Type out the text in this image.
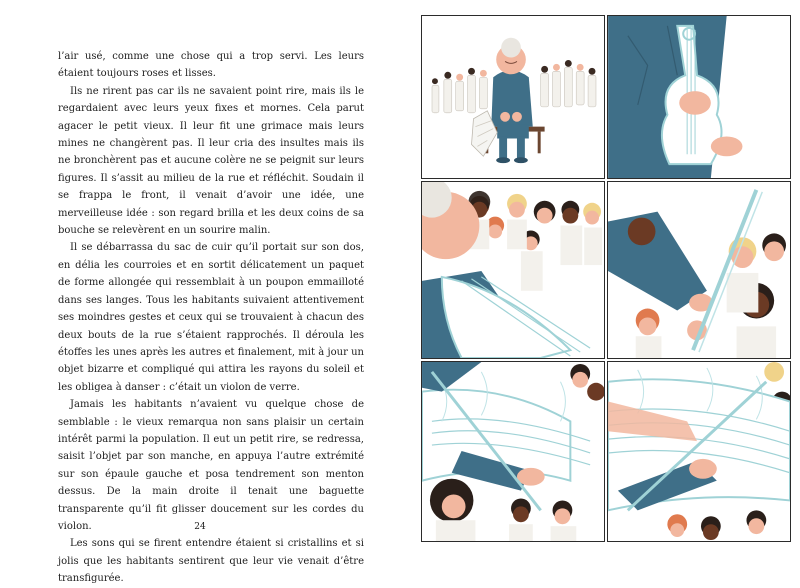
l’air usé, comme une chose qui a trop servi. Les leurs étaient toujours roses et lisses.

Ils ne rirent pas car ils ne savaient point rire, mais ils le regardaient avec leurs yeux fixes et mornes. Cela parut agacer le petit vieux. Il leur fit une grimace mais leurs mines ne changèrent pas. Il leur cria des insultes mais ils ne bronchèrent pas et aucune colère ne se peignit sur leurs figures. Il s’assit au milieu de la rue et réfléchit. Soudain il se frappa le front, il venait d’avoir une idée, une merveilleuse idée : son regard brilla et les deux coins de sa bouche se relevèrent en un sourire malin.

Il se débarrassa du sac de cuir qu’il portait sur son dos, en délia les courroies et en sortit délicatement un paquet de forme allongée qui ressemblait à un poupon emmailloté dans ses langes. Tous les habitants suivaient attentivement ses moindres gestes et ceux qui se trouvaient à chacun des deux bouts de la rue s’étaient rapprochés. Il déroula les étoffes les unes après les autres et finalement, mit à jour un objet bizarre et compliqué qui attira les rayons du soleil et les obligea à danser : c’était un violon de verre.

Jamais les habitants n’avaient vu quelque chose de semblable : le vieux remarqua non sans plaisir un certain intérêt parmi la population. Il eut un petit rire, se redressa, saisit l’objet par son manche, en appuya l’autre extrémité sur son épaule gauche et posa tendrement son menton dessus. De la main droite il tenait une baguette transparente qu’il fit glisser doucement sur les cordes du violon.

Les sons qui se firent entendre étaient si cristallins et si jolis que les habitants sentirent que leur vie venait d’être transfigurée.

24
